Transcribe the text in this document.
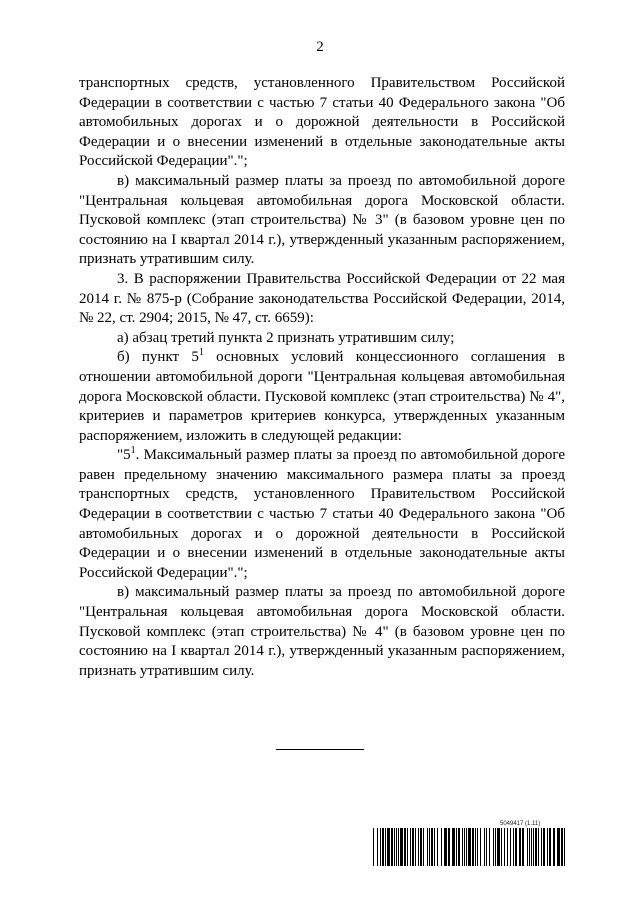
2

транспортных средств, установленного Правительством Российской Федерации в соответствии с частью 7 статьи 40 Федерального закона "Об автомобильных дорогах и о дорожной деятельности в Российской Федерации и о внесении изменений в отдельные законодательные акты Российской Федерации".";

в) максимальный размер платы за проезд по автомобильной дороге "Центральная кольцевая автомобильная дорога Московской области. Пусковой комплекс (этап строительства) № 3" (в базовом уровне цен по состоянию на I квартал 2014 г.), утвержденный указанным распоряжением, признать утратившим силу.

3. В распоряжении Правительства Российской Федерации от 22 мая 2014 г. № 875-р (Собрание законодательства Российской Федерации, 2014, № 22, ст. 2904; 2015, № 47, ст. 6659):

а) абзац третий пункта 2 признать утратившим силу;

б) пункт $5^1$ основных условий концессионного соглашения в отношении автомобильной дороги "Центральная кольцевая автомобильная дорога Московской области. Пусковой комплекс (этап строительства) № 4", критериев и параметров критериев конкурса, утвержденных указанным распоряжением, изложить в следующей редакции:

"$5^1$. Максимальный размер платы за проезд по автомобильной дороге равен предельному значению максимального размера платы за проезд транспортных средств, установленного Правительством Российской Федерации в соответствии с частью 7 статьи 40 Федерального закона "Об автомобильных дорогах и о дорожной деятельности в Российской Федерации и о внесении изменений в отдельные законодательные акты Российской Федерации".";

в) максимальный размер платы за проезд по автомобильной дороге "Центральная кольцевая автомобильная дорога Московской области. Пусковой комплекс (этап строительства) № 4" (в базовом уровне цен по состоянию на I квартал 2014 г.), утвержденный указанным распоряжением, признать утратившим силу.

5049417 (1.11)
